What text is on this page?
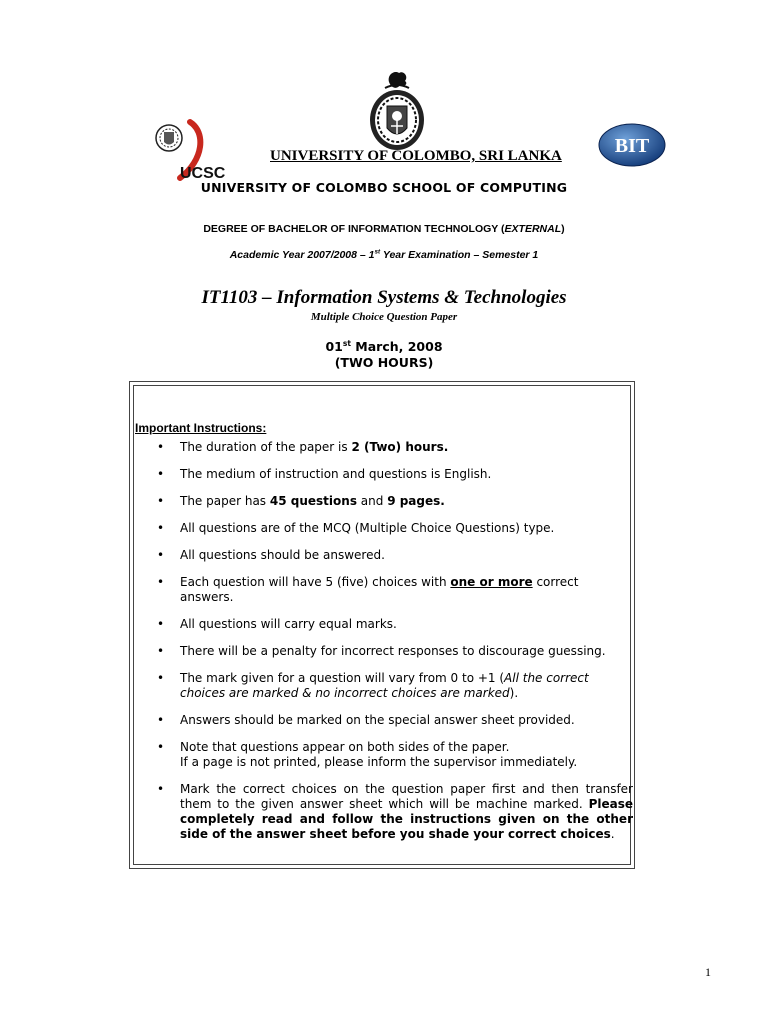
UCSC
BIT
UNIVERSITY OF COLOMBO, SRI LANKA
UNIVERSITY OF COLOMBO SCHOOL OF COMPUTING
DEGREE OF BACHELOR OF INFORMATION TECHNOLOGY (EXTERNAL)
Academic Year 2007/2008 – 1st Year Examination – Semester 1
IT1103 – Information Systems & Technologies
Multiple Choice Question Paper
01st March, 2008
(TWO HOURS)
Important Instructions:
• The duration of the paper is 2 (Two) hours.
• The medium of instruction and questions is English.
• The paper has 45 questions and 9 pages.
• All questions are of the MCQ (Multiple Choice Questions) type.
• All questions should be answered.
• Each question will have 5 (five) choices with one or more correct answers.
• All questions will carry equal marks.
• There will be a penalty for incorrect responses to discourage guessing.
• The mark given for a question will vary from 0 to +1 (All the correct choices are marked & no incorrect choices are marked).
• Answers should be marked on the special answer sheet provided.
• Note that questions appear on both sides of the paper.
If a page is not printed, please inform the supervisor immediately.
• Mark the correct choices on the question paper first and then transfer them to the given answer sheet which will be machine marked. Please completely read and follow the instructions given on the other side of the answer sheet before you shade your correct choices.
1
